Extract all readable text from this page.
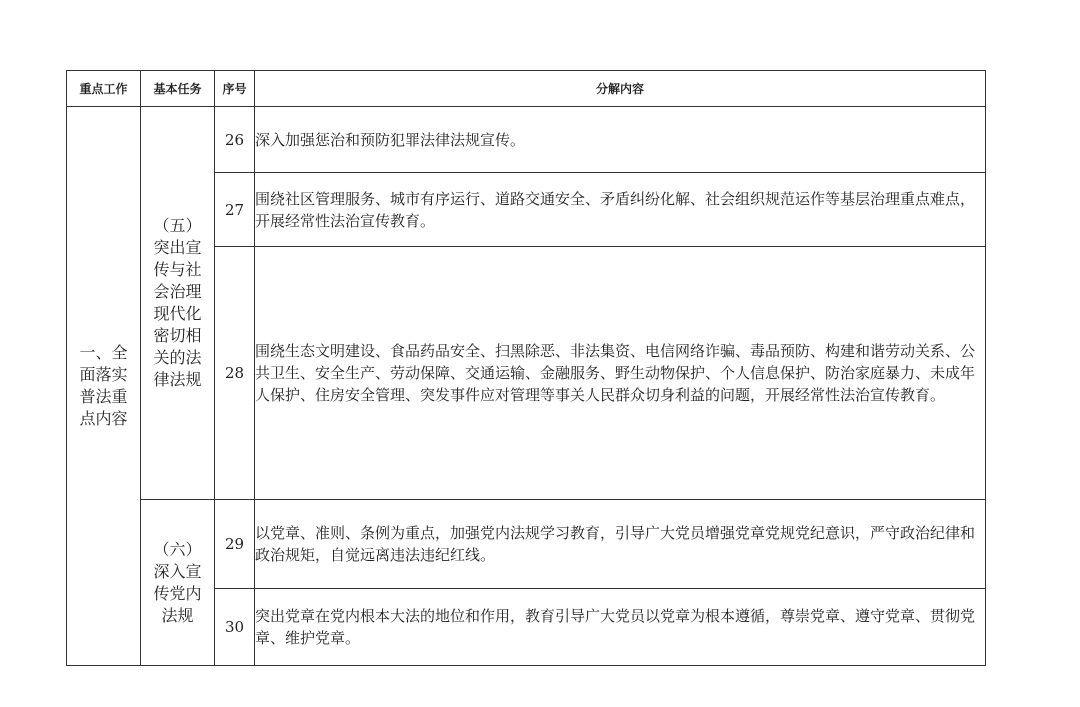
重点工作	基本任务	序号	分解内容
一、全面落实普法重点内容	（五）突出宣传与社会治理现代化密切相关的法律法规	26	深入加强惩治和预防犯罪法律法规宣传。
		27	围绕社区管理服务、城市有序运行、道路交通安全、矛盾纠纷化解、社会组织规范运作等基层治理重点难点，开展经常性法治宣传教育。
		28	围绕生态文明建设、食品药品安全、扫黑除恶、非法集资、电信网络诈骗、毒品预防、构建和谐劳动关系、公共卫生、安全生产、劳动保障、交通运输、金融服务、野生动物保护、个人信息保护、防治家庭暴力、未成年人保护、住房安全管理、突发事件应对管理等事关人民群众切身利益的问题，开展经常性法治宣传教育。
	（六）深入宣传党内法规	29	以党章、准则、条例为重点，加强党内法规学习教育，引导广大党员增强党章党规党纪意识，严守政治纪律和政治规矩，自觉远离违法违纪红线。
		30	突出党章在党内根本大法的地位和作用，教育引导广大党员以党章为根本遵循，尊崇党章、遵守党章、贯彻党章、维护党章。
